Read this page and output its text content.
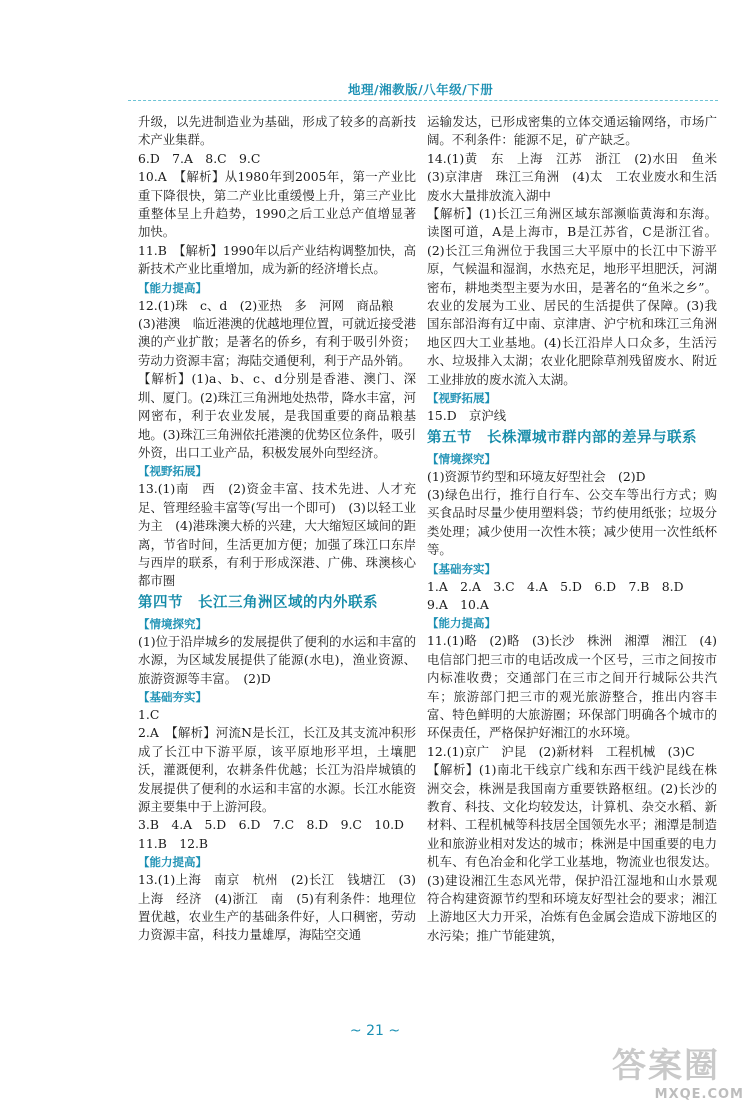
地理/湘教版/八年级/下册
升级，以先进制造业为基础，形成了较多的高新技术产业集群。
6.D　7.A　8.C　9.C
10.A　【解析】从1980年到2005年，第一产业比重下降很快，第二产业比重缓慢上升，第三产业比重整体呈上升趋势，1990之后工业总产值增显著加快。
11.B　【解析】1990年以后产业结构调整加快，高新技术产业比重增加，成为新的经济增长点。
【能力提高】
12.(1)珠　c、d　(2)亚热　多　河网　商品粮
(3)港澳　临近港澳的优越地理位置，可就近接受港澳的产业扩散；是著名的侨乡，有利于吸引外资；劳动力资源丰富；海陆交通便利，利于产品外销。
【解析】(1)a、b、c、d分别是香港、澳门、深圳、厦门。(2)珠江三角洲地处热带，降水丰富，河网密布，利于农业发展，是我国重要的商品粮基地。(3)珠江三角洲依托港澳的优势区位条件，吸引外资，出口工业产品，积极发展外向型经济。
【视野拓展】
13.(1)南　西　(2)资金丰富、技术先进、人才充足、管理经验丰富等(写出一个即可)　(3)以轻工业为主　(4)港珠澳大桥的兴建，大大缩短区域间的距离，节省时间，生活更加方便；加强了珠江口东岸与西岸的联系，有利于形成深港、广佛、珠澳核心都市圈
第四节　长江三角洲区域的内外联系
【情境探究】
(1)位于沿岸城乡的发展提供了便利的水运和丰富的水源，为区域发展提供了能源(水电)，渔业资源、旅游资源等丰富。　(2)D
【基础夯实】
1.C
2.A　【解析】河流N是长江，长江及其支流冲积形成了长江中下游平原，该平原地形平坦，土壤肥沃，灌溉便利，农耕条件优越；长江为沿岸城镇的发展提供了便利的水运和丰富的水源。长江水能资源主要集中于上游河段。
3.B　4.A　5.D　6.D　7.C　8.D　9.C　10.D
11.B　12.B
【能力提高】
13.(1)上海　南京　杭州　(2)长江　钱塘江　(3)上海　经济　(4)浙江　南　(5)有利条件：地理位置优越，农业生产的基础条件好，人口稠密，劳动力资源丰富，科技力量雄厚，海陆空交通
运输发达，已形成密集的立体交通运输网络，市场广阔。不利条件：能源不足，矿产缺乏。
14.(1)黄　东　上海　江苏　浙江　(2)水田　鱼米　(3)京津唐　珠江三角洲　(4)太　工农业废水和生活废水大量排放流入湖中
【解析】(1)长江三角洲区域东部濒临黄海和东海。读图可道，A是上海市，B是江苏省，C是浙江省。(2)长江三角洲位于我国三大平原中的长江中下游平原，气候温和湿润，水热充足，地形平坦肥沃，河湖密布，耕地类型主要为水田，是著名的“鱼米之乡”。农业的发展为工业、居民的生活提供了保障。(3)我国东部沿海有辽中南、京津唐、沪宁杭和珠江三角洲地区四大工业基地。(4)长江沿岸人口众多，生活污水、垃圾排入太湖；农业化肥除草剂残留废水、附近工业排放的废水流入太湖。
【视野拓展】
15.D　京沪线
第五节　长株潭城市群内部的差异与联系
【情境探究】
(1)资源节约型和环境友好型社会　(2)D
(3)绿色出行，推行自行车、公交车等出行方式；购买食品时尽量少使用塑料袋；节约使用纸张；垃圾分类处理；减少使用一次性木筷；减少使用一次性纸杯等。
【基础夯实】
1.A　2.A　3.C　4.A　5.D　6.D　7.B　8.D
9.A　10.A
【能力提高】
11.(1)略　(2)略　(3)长沙　株洲　湘潭　湘江　(4)电信部门把三市的电话改成一个区号，三市之间按市内标准收费；交通部门在三市之间开行城际公共汽车；旅游部门把三市的观光旅游整合，推出内容丰富、特色鲜明的大旅游圈；环保部门明确各个城市的环保责任，严格保护好湘江的水环境。
12.(1)京广　沪昆　(2)新材料　工程机械　(3)C
【解析】(1)南北干线京广线和东西干线沪昆线在株洲交会，株洲是我国南方重要铁路枢纽。(2)长沙的教育、科技、文化均较发达，计算机、杂交水稻、新材料、工程机械等科技居全国领先水平；湘潭是制造业和旅游业相对发达的城市；株洲是中国重要的电力机车、有色冶金和化学工业基地，物流业也很发达。(3)建设湘江生态风光带，保护沿江湿地和山水景观符合构建资源节约型和环境友好型社会的要求；湘江上游地区大力开采，冶炼有色金属会造成下游地区的水污染；推广节能建筑，
~ 21 ~
答案圈
MXQE.COM
